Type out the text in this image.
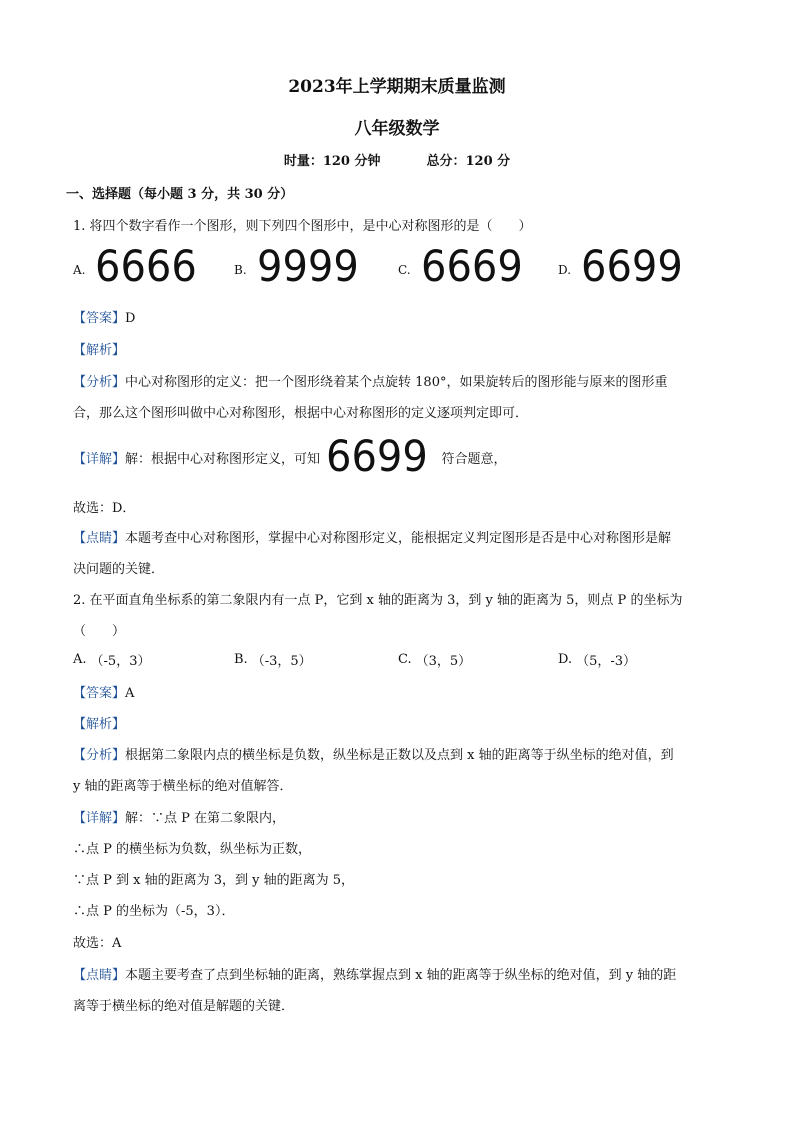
2023年上学期期末质量监测
八年级数学
时量：120 分钟	总分：120 分
一、选择题（每小题 3 分，共 30 分）
1. 将四个数字看作一个图形，则下列四个图形中，是中心对称图形的是（　　）
A. 6666	B. 9999	C. 6669	D. 6699
【答案】D
【解析】
【分析】中心对称图形的定义：把一个图形绕着某个点旋转 180°，如果旋转后的图形能与原来的图形重
合，那么这个图形叫做中心对称图形，根据中心对称图形的定义逐项判定即可．
【详解】 解：根据中心对称图形定义，可知 6699 符合题意，
故选：D．
【点睛】本题考查中心对称图形，掌握中心对称图形定义，能根据定义判定图形是否是中心对称图形是解
决问题的关键．
2. 在平面直角坐标系的第二象限内有一点 P，它到 x 轴的距离为 3，到 y 轴的距离为 5，则点 P 的坐标为
（　　）
A. （-5，3）	B. （-3，5）	C. （3，5）	D. （5，-3）
【答案】A
【解析】
【分析】根据第二象限内点的横坐标是负数，纵坐标是正数以及点到 x 轴的距离等于纵坐标的绝对值，到
y 轴的距离等于横坐标的绝对值解答．
【详解】解：∵点 P 在第二象限内，
∴点 P 的横坐标为负数，纵坐标为正数，
∵点 P 到 x 轴的距离为 3，到 y 轴的距离为 5，
∴点 P 的坐标为（-5，3）．
故选：A
【点睛】本题主要考查了点到坐标轴的距离，熟练掌握点到 x 轴的距离等于纵坐标的绝对值，到 y 轴的距
离等于横坐标的绝对值是解题的关键．
